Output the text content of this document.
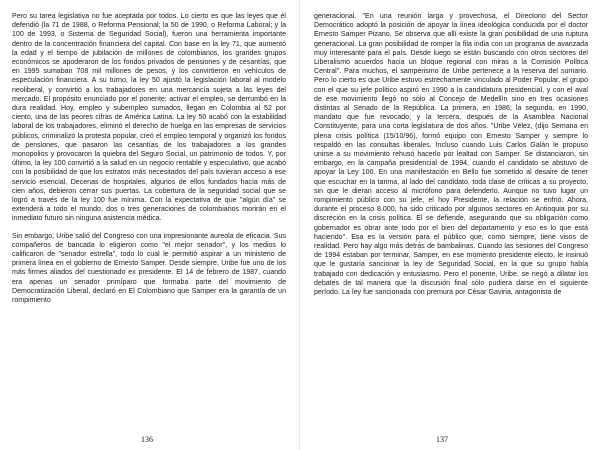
Pero su tarea legislativa no fue aceptada por todos. Lo cierto es que las leyes que él defendió (la 71 de 1988, o Reforma Pensional; la 50 de 1990, o Reforma Laboral; y la 100 de 1993, o Sistema de Seguridad Social), fueron una herramienta importante dentro de la concentración financiera del capital. Con base en la ley 71, que aumentó la edad y el tiempo de jubilación de millones de colombianos, los grandes grupos económicos se apoderaron de los fondos privados de pensiones y de cesantías, que en 1995 sumaban 708 mil millones de pesos, y los convirtieron en vehículos de especulación financiera. A su turno, la ley 50 ajustó la legislación laboral al modelo neoliberal, y convirtió a los trabajadores en una mercancía sujeta a las leyes del mercado. El propósito enunciado por el ponente: activar el empleo, se derrumbó en la dura realidad. Hoy, empleo y subempleo sumados, llegan en Colombia al 52 por ciento, una de las peores cifras de América Latina. La ley 50 acabó con la estabilidad laboral de los trabajadores, eliminó el derecho de huelga en las empresas de servicios públicos, criminalizó la protesta popular, creó el empleo temporal y organizó los fondos de pensiones, que pasaron las cesantías de los trabajadores a los grandes monopolios y provocaron la quiebra del Seguro Social, un patrimonio de todos. Y, por último, la ley 100 convirtió a la salud en un negocio rentable y especulativo, que acabó con la posibilidad de que los estratos más necesitados del país tuvieran acceso a ese servicio esencial. Decenas de hospitales, algunos de ellos fundados hacía más de cien años, debieron cerrar sus puertas. La cobertura de la seguridad social que se logró a través de la ley 100 fue mínima. Con la expectativa de que "algún día" se extenderá a todo el mundo, dos o tres generaciones de colombianos morirán en el inmediato futuro sin ninguna asistencia médica.

Sin embargo, Uribe salió del Congreso con una impresionante aureola de eficacia. Sus compañeros de bancada lo eligieron como "el mejor senador", y los medios lo calificaron de "senador estrella", todo lo cual le permitió aspirar a un ministerio de primera línea en el gobierno de Ernesto Samper. Desde siempre, Uribe fue uno de los más firmes aliados del cuestionado ex presidente. El 14 de febrero de 1987, cuando era apenas un senador primíparo que formaba parte del movimiento de Democratización Liberal, declaró en El Colombiano que Samper era la garantía de un rompimiento

136

generacional. "En una reunión larga y provechosa, el Directorio del Sector Democrático adoptó la posición de apoyar la línea ideológica conducida por el doctor Ernesto Samper Pizano. Se observa que allí existe la gran posibilidad de una ruptura generacional. La gran posibilidad de romper la fila india con un programa de avanzada muy interesante para el país. Desde luego se están buscando con otros sectores del Liberalismo acuerdos hacia un bloque regional con miras a la Comisión Política Central". Para muchos, el samperismo de Uribe pertenece a la reserva del sumario. Pero lo cierto es que Uribe estuvo estrechamente vinculado al Poder Popular, el grupo con el que su jefe político aspiró en 1990 a la candidatura presidencial, y con el aval de ese movimiento llegó no sólo al Concejo de Medellín sino en tres ocasiones distintas al Senado de la República. La primera, en 1986; la segunda, en 1990, mandato que fue revocado; y la tercera, después de la Asamblea Nacional Constituyente, para una corta legislatura de dos años. "Uribe Vélez, (dijo Semana en plena crisis política (15/10/96), formó equipo con Ernesto Samper y siempre lo respaldó en las consultas liberales. Incluso cuando Luis Carlos Galán le propuso unirse a su movimiento rehusó hacerlo por lealtad con Samper. Se distanciaron, sin embargo, en la campaña presidencial de 1994, cuando el candidato se abstuvo de apoyar la Ley 100. En una manifestación en Bello fue sometido al desaire de tener que escuchar en la tarima, al lado del candidato, toda clase de críticas a su proyecto, sin que le dieran acceso al micrófono para defenderlo. Aunque no tuvo lugar un rompimiento público con su jefe, el hoy Presidente, la relación se enfrió. Ahora, durante el proceso 8.000, ha sido criticado por algunos sectores en Antioquia por su discreción en la crisis política. El se defiende, asegurando que su obligación como gobernador es obrar ante todo por el bien del departamento y eso es lo que está haciendo". Esa es la versión para el público que, como siempre, tiene visos de realidad. Pero hay algo más detrás de bambalinas. Cuando las sesiones del Congreso de 1994 estaban por terminar, Samper, en ese momento presidente electo, le insinuó que le gustaría sancionar la ley de Seguridad Social, en la que su grupo había trabajado con dedicación y entusiasmo. Pero el ponente, Uribe, se negó a dilatar los debates de tal manera que la discusión final sólo pudiera darse en el siguiente período. La ley fue sancionada con premura por César Gaviria, antagonista de

137
